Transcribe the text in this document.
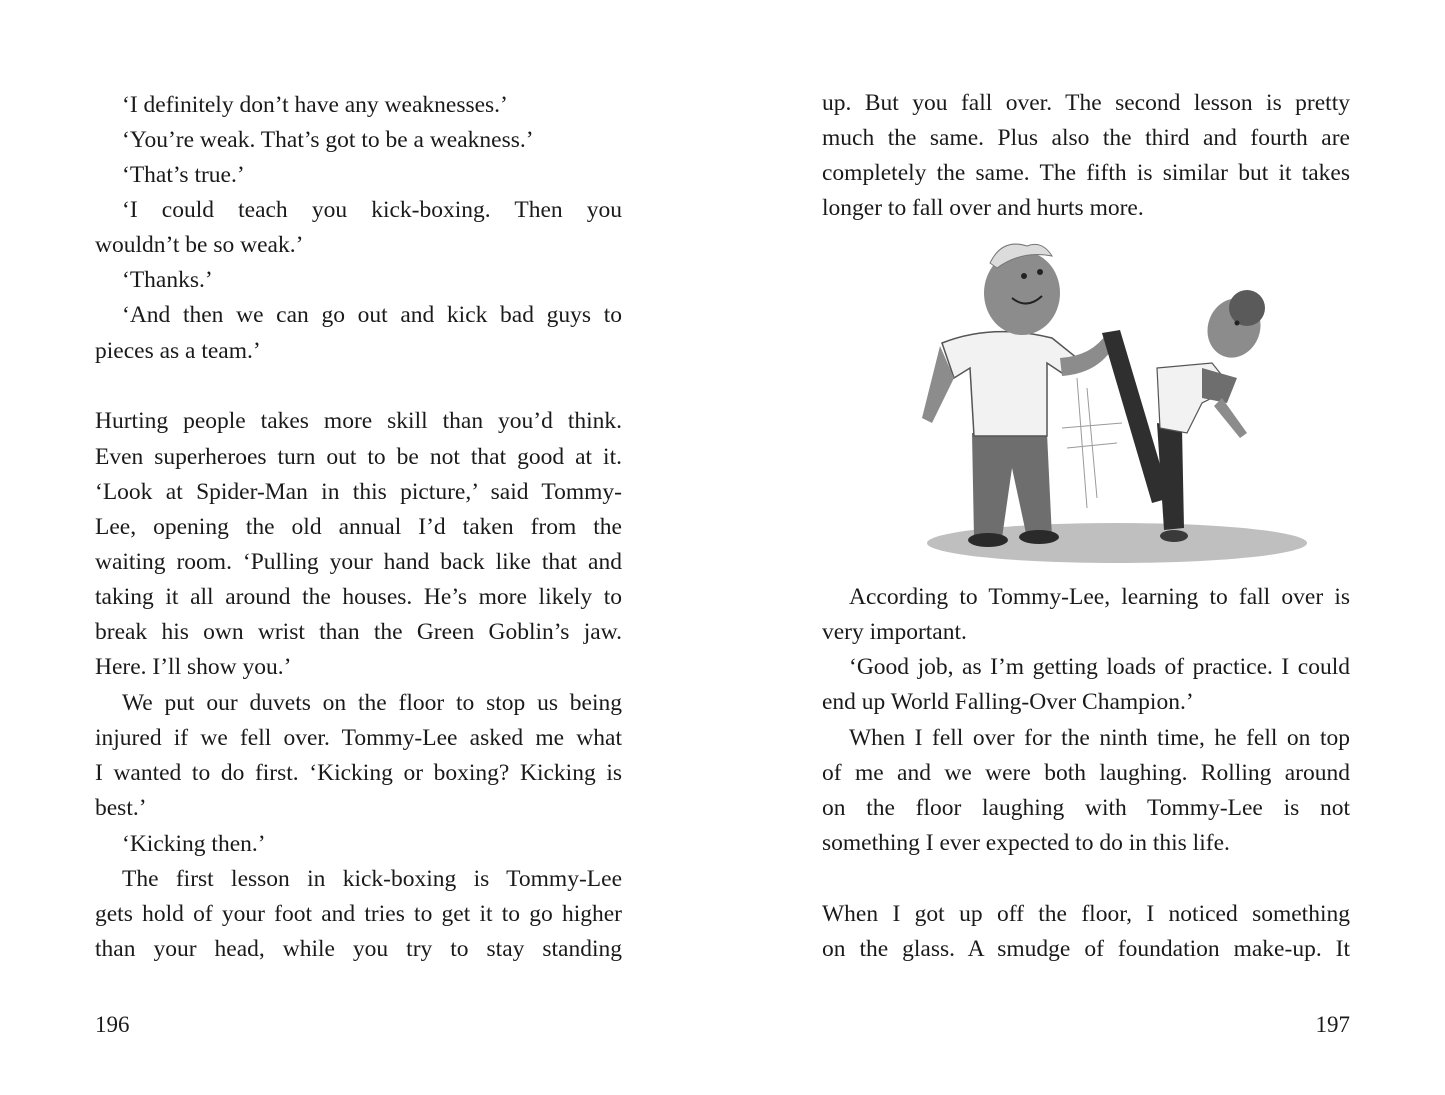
‘I definitely don’t have any weaknesses.’
‘You’re weak. That’s got to be a weakness.’
‘That’s true.’
‘I could teach you kick-boxing. Then you
wouldn’t be so weak.’
‘Thanks.’
‘And then we can go out and kick bad guys to
pieces as a team.’
Hurting people takes more skill than you’d think.
Even superheroes turn out to be not that good at it.
‘Look at Spider-Man in this picture,’ said Tommy-
Lee, opening the old annual I’d taken from the
waiting room. ‘Pulling your hand back like that and
taking it all around the houses. He’s more likely to
break his own wrist than the Green Goblin’s jaw.
Here. I’ll show you.’
We put our duvets on the floor to stop us being
injured if we fell over. Tommy-Lee asked me what
I wanted to do first. ‘Kicking or boxing? Kicking is
best.’
‘Kicking then.’
The first lesson in kick-boxing is Tommy-Lee
gets hold of your foot and tries to get it to go higher
than your head, while you try to stay standing
196
up. But you fall over. The second lesson is pretty
much the same. Plus also the third and fourth are
completely the same. The fifth is similar but it takes
longer to fall over and hurts more.
According to Tommy-Lee, learning to fall over is
very important.
‘Good job, as I’m getting loads of practice. I could
end up World Falling-Over Champion.’
When I fell over for the ninth time, he fell on top
of me and we were both laughing. Rolling around
on the floor laughing with Tommy-Lee is not
something I ever expected to do in this life.
When I got up off the floor, I noticed something
on the glass. A smudge of foundation make-up. It
197
